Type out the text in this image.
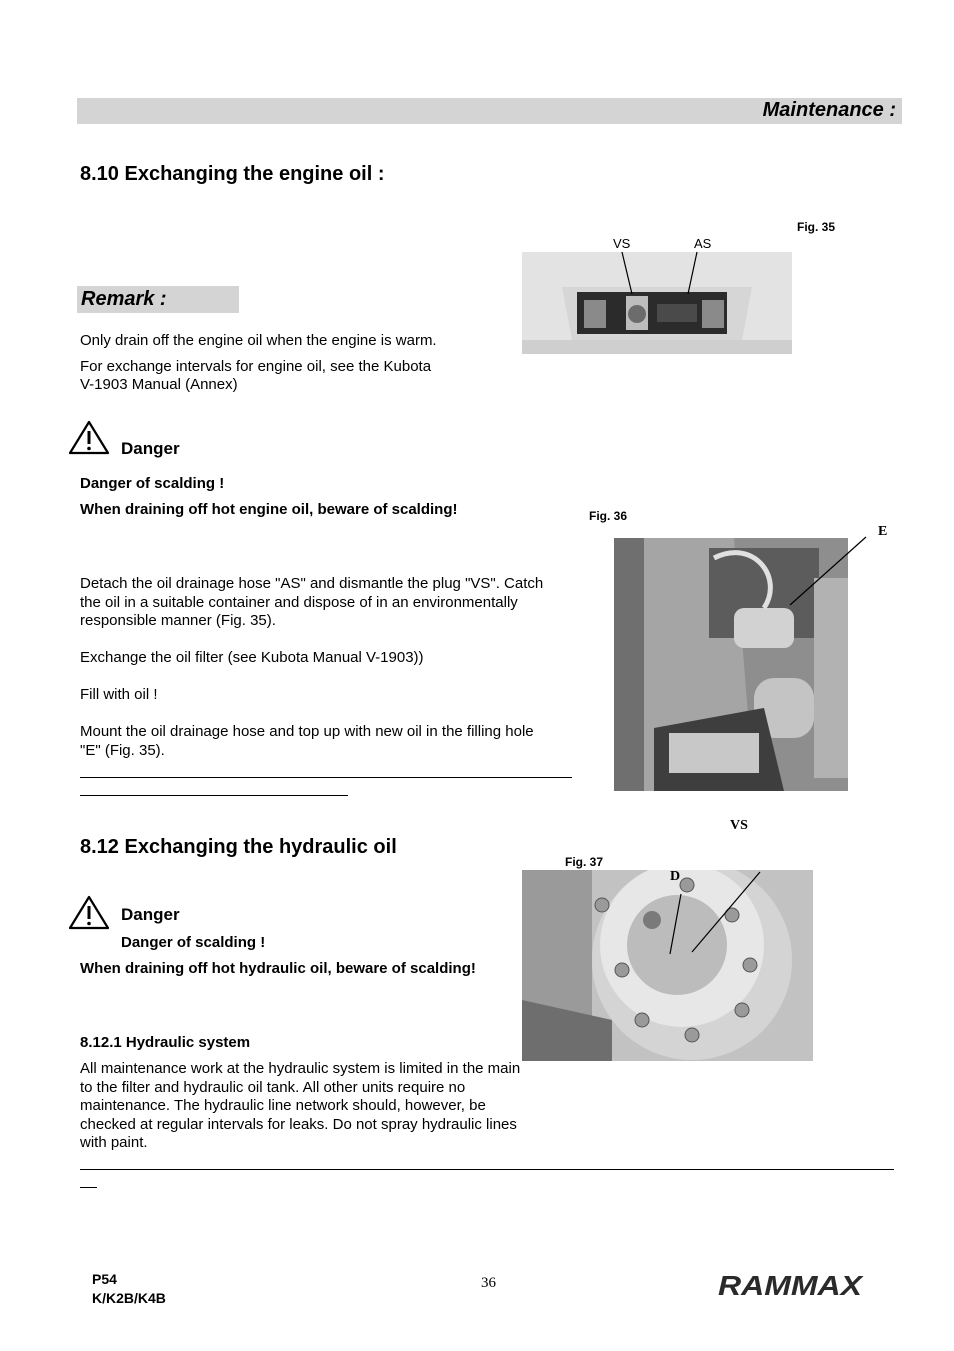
Maintenance :
8.10 Exchanging the engine oil :
Remark :
Only drain off the engine oil when the engine is warm.
For exchange intervals for engine oil, see the Kubota
V-1903 Manual (Annex)
Danger
Danger of scalding !
When draining off hot engine oil, beware of scalding!
Detach the oil drainage hose "AS" and dismantle the plug "VS". Catch
the oil in a suitable container and dispose of in an environmentally
responsible manner (Fig. 35).
Exchange the oil filter (see Kubota Manual V-1903))
Fill with oil !
Mount the oil drainage hose and top up with new oil in the filling hole
"E" (Fig. 35).
Fig. 35
VS	AS
Fig. 36
E
VS
8.12 Exchanging the hydraulic oil
Fig. 37
D
Danger
Danger of scalding !
When draining off hot hydraulic oil, beware of scalding!
8.12.1 Hydraulic system
All maintenance work at the hydraulic system is limited in the main
to the filter and hydraulic oil tank. All other units require no
maintenance. The hydraulic line network should, however, be
checked at regular intervals for leaks. Do not spray hydraulic lines
with paint.
P54
K/K2B/K4B
36	RAMMAX
